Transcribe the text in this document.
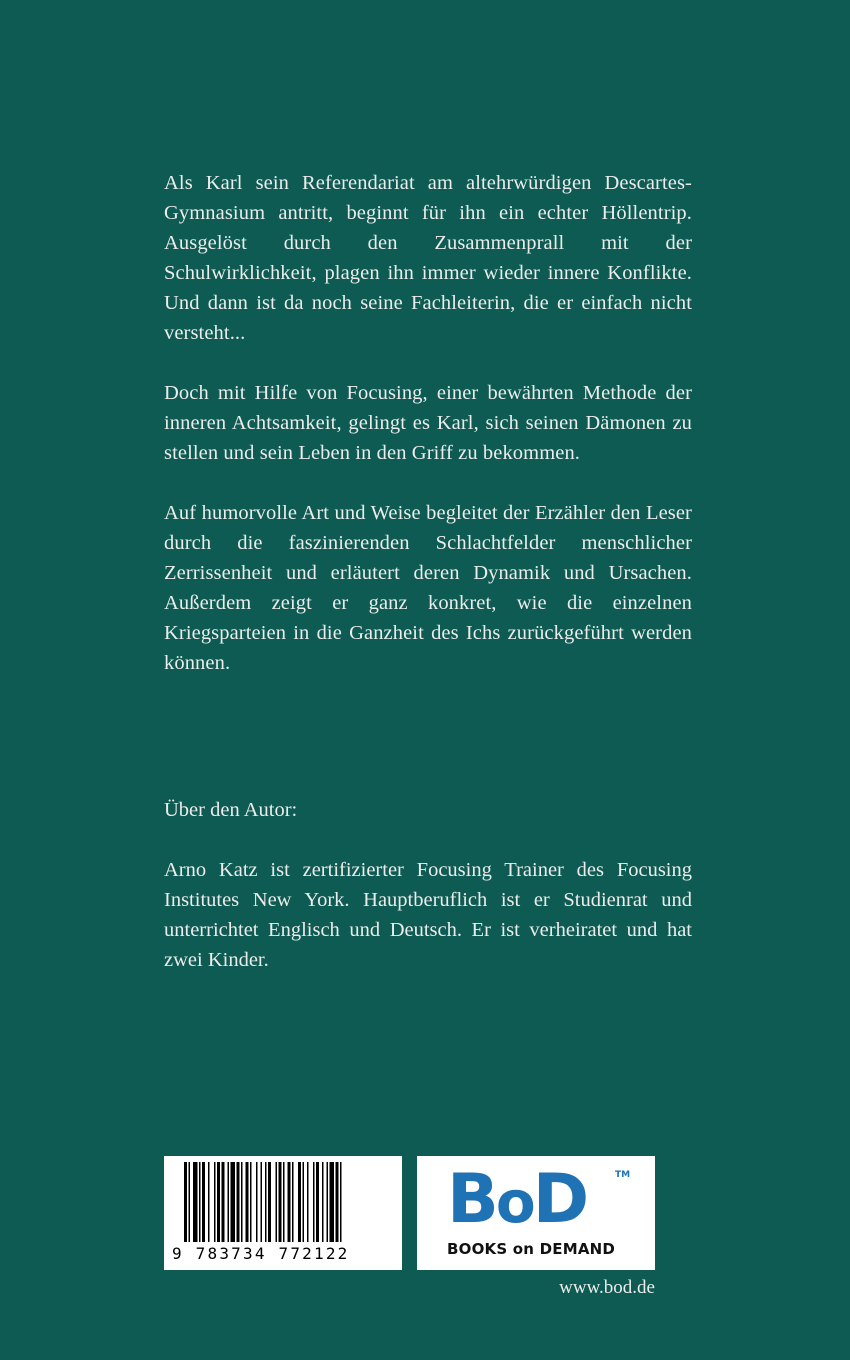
Als Karl sein Referendariat am altehrwürdigen Descartes-Gymnasium antritt, beginnt für ihn ein echter Höllentrip. Ausgelöst durch den Zusammenprall mit der Schulwirklichkeit, plagen ihn immer wieder innere Konflikte. Und dann ist da noch seine Fachleiterin, die er einfach nicht versteht...

Doch mit Hilfe von Focusing, einer bewährten Methode der inneren Achtsamkeit, gelingt es Karl, sich seinen Dämonen zu stellen und sein Leben in den Griff zu bekommen.

Auf humorvolle Art und Weise begleitet der Erzähler den Leser durch die faszinierenden Schlachtfelder menschlicher Zerrissenheit und erläutert deren Dynamik und Ursachen. Außerdem zeigt er ganz konkret, wie die einzelnen Kriegsparteien in die Ganzheit des Ichs zurückgeführt werden können.

Über den Autor:

Arno Katz ist zertifizierter Focusing Trainer des Focusing Institutes New York. Hauptberuflich ist er Studienrat und unterrichtet Englisch und Deutsch. Er ist verheiratet und hat zwei Kinder.

9 783734 772122
BoD	TM
BOOKS on DEMAND
www.bod.de
